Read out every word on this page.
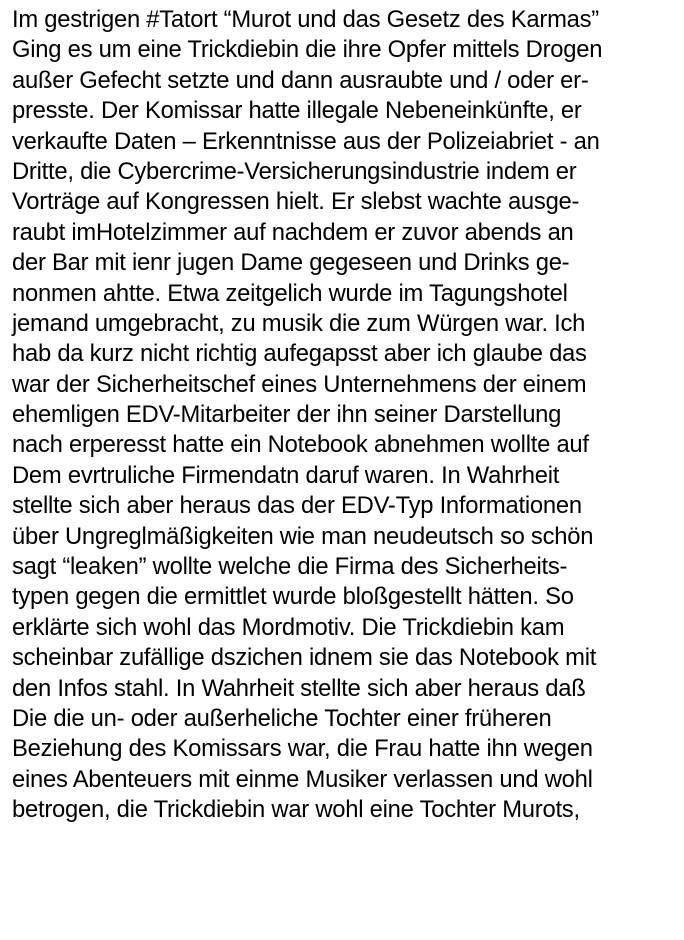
Im gestrigen #Tatort “Murot und das Gesetz des Karmas”
Ging es um eine Trickdiebin die ihre Opfer mittels Drogen
außer Gefecht setzte und dann ausraubte und / oder er-
presste. Der Komissar hatte illegale Nebeneinkünfte, er
verkaufte Daten – Erkenntnisse aus der Polizeiabriet - an
Dritte, die Cybercrime-Versicherungsindustrie indem er
Vorträge auf Kongressen hielt. Er slebst wachte ausge-
raubt imHotelzimmer auf nachdem er zuvor abends an
der Bar mit ienr jugen Dame gegeseen und Drinks ge-
nonmen ahtte. Etwa zeitgelich wurde im Tagungshotel
jemand umgebracht, zu musik die zum Würgen war. Ich
hab da kurz nicht richtig aufegapsst aber ich glaube das
war der Sicherheitschef eines Unternehmens der einem
ehemligen EDV-Mitarbeiter der ihn seiner Darstellung
nach erperesst hatte ein Notebook abnehmen wollte auf
Dem evrtruliche Firmendatn daruf waren. In Wahrheit
stellte sich aber heraus das der EDV-Typ Informationen
über Ungreglmäßigkeiten wie man neudeutsch so schön
sagt “leaken” wollte welche die Firma des Sicherheits-
typen gegen die ermittlet wurde bloßgestellt hätten. So
erklärte sich wohl das Mordmotiv. Die Trickdiebin kam
scheinbar zufällige dszichen idnem sie das Notebook mit
den Infos stahl. In Wahrheit stellte sich aber heraus daß
Die die un- oder außerheliche Tochter einer früheren
Beziehung des Komissars war, die Frau hatte ihn wegen
eines Abenteuers mit einme Musiker verlassen und wohl
betrogen, die Trickdiebin war wohl eine Tochter Murots,
